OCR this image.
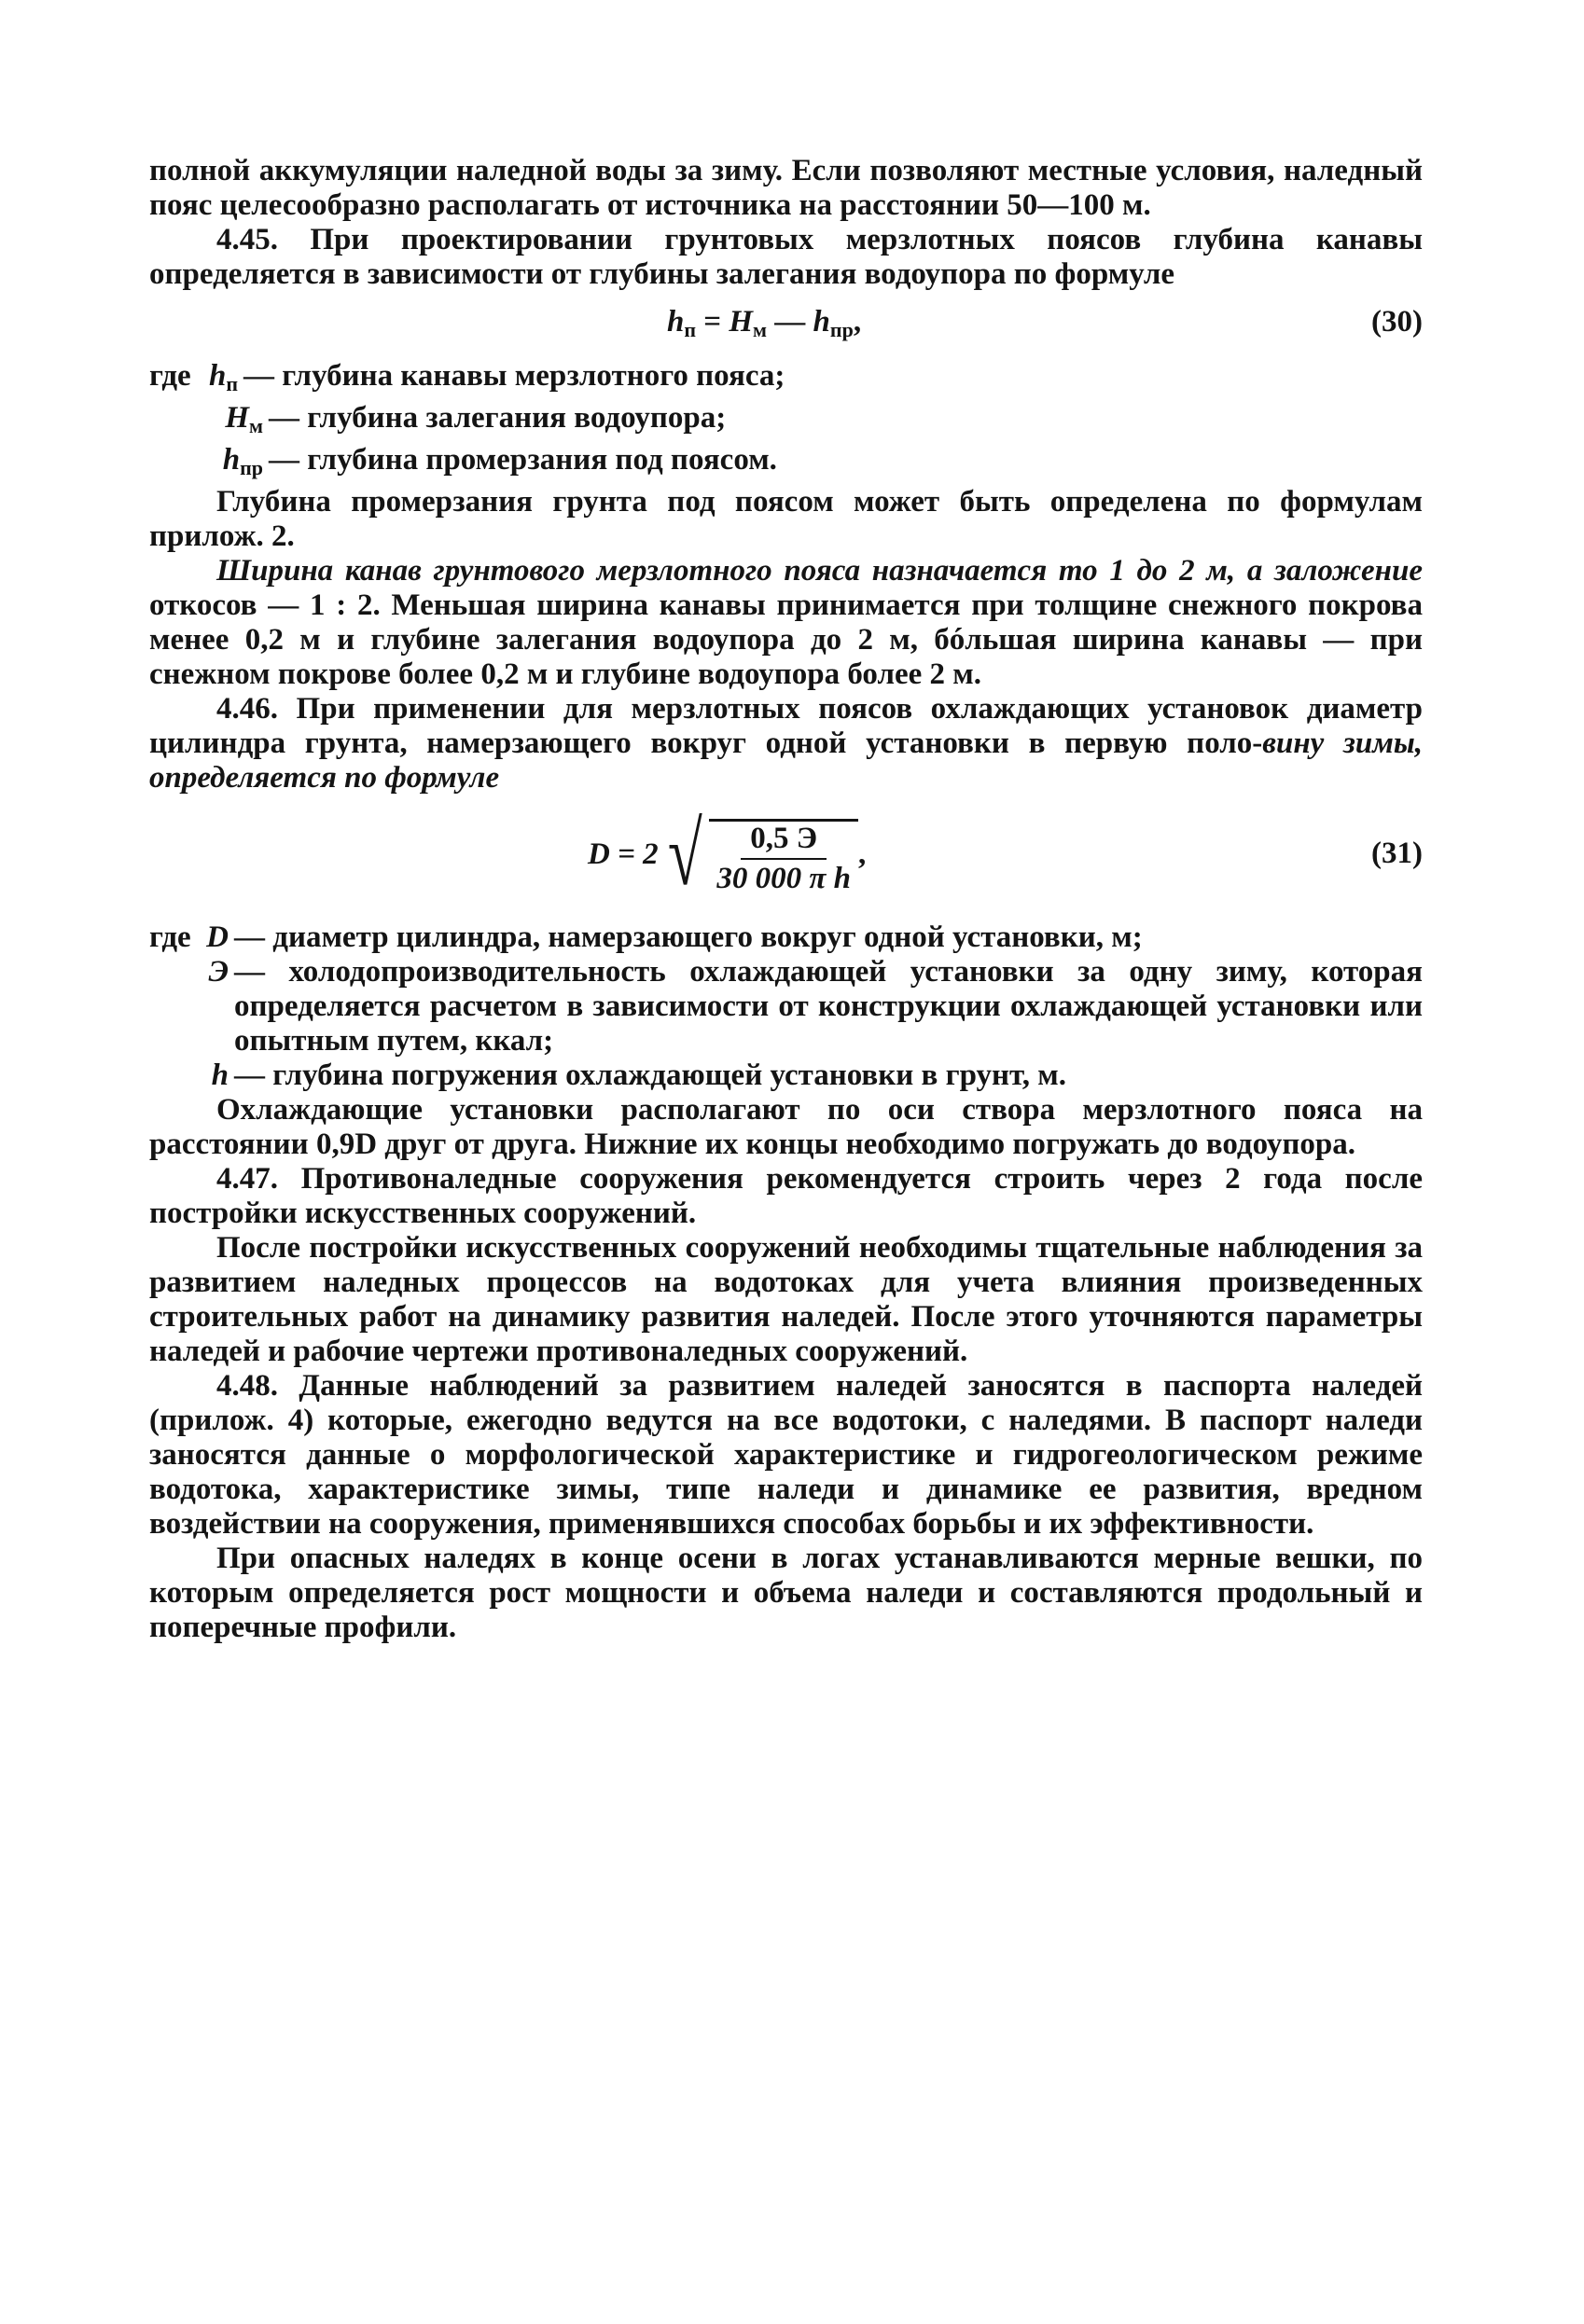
полной аккумуляции наледной воды за зиму. Если позволяют местные условия, наледный пояс целесообразно располагать от источника на расстоянии 50—100 м.

4.45. При проектировании грунтовых мерзлотных поясов глубина канавы определяется в зависимости от глубины залегания водоупора по формуле

$h_п = H_м$ — $h_{пр}$,	(30)
где $h_п$ — глубина канавы мерзлотного пояса;
$H_м$ — глубина залегания водоупора;
$h_{пр}$ — глубина промерзания под поясом.

Глубина промерзания грунта под поясом может быть определена по формулам прилож. 2.

Ширина канав грунтового мерзлотного пояса назначается то 1 до 2 м, а заложение откосов — 1 : 2. Меньшая ширина канавы принимается при толщине снежного покрова менее 0,2 м и глубине залегания водоупора до 2 м, бóльшая ширина канавы — при снежном покрове более 0,2 м и глубине водоупора более 2 м.

4.46. При применении для мерзлотных поясов охлаждающих установок диаметр цилиндра грунта, намерзающего вокруг одной установки в первую поло-вину зимы, определяется по формуле

D = 2 √ $\frac{0,5 Э}{\text{30 000 π h}}$ ,	(31)
где D — диаметр цилиндра, намерзающего вокруг одной установки, м;
Э — холодопроизводительность охлаждающей установки за одну зиму, которая определяется расчетом в зависимости от конструкции охлаждающей установки или опытным путем, ккал;
h — глубина погружения охлаждающей установки в грунт, м.

Охлаждающие установки располагают по оси створа мерзлотного пояса на расстоянии 0,9D друг от друга. Нижние их концы необходимо погружать до водоупора.

4.47. Противоналедные сооружения рекомендуется строить через 2 года после постройки искусственных сооружений.

После постройки искусственных сооружений необходимы тщательные наблюдения за развитием наледных процессов на водотоках для учета влияния произведенных строительных работ на динамику развития наледей. После этого уточняются параметры наледей и рабочие чертежи противоналедных сооружений.

4.48. Данные наблюдений за развитием наледей заносятся в паспорта наледей (прилож. 4) которые, ежегодно ведутся на все водотоки, с наледями. В паспорт наледи заносятся данные о морфологической характеристике и гидрогеологическом режиме водотока, характеристике зимы, типе наледи и динамике ее развития, вредном воздействии на сооружения, применявшихся способах борьбы и их эффективности.

При опасных наледях в конце осени в логах устанавливаются мерные вешки, по которым определяется рост мощности и объема наледи и составляются продольный и поперечные профили.
